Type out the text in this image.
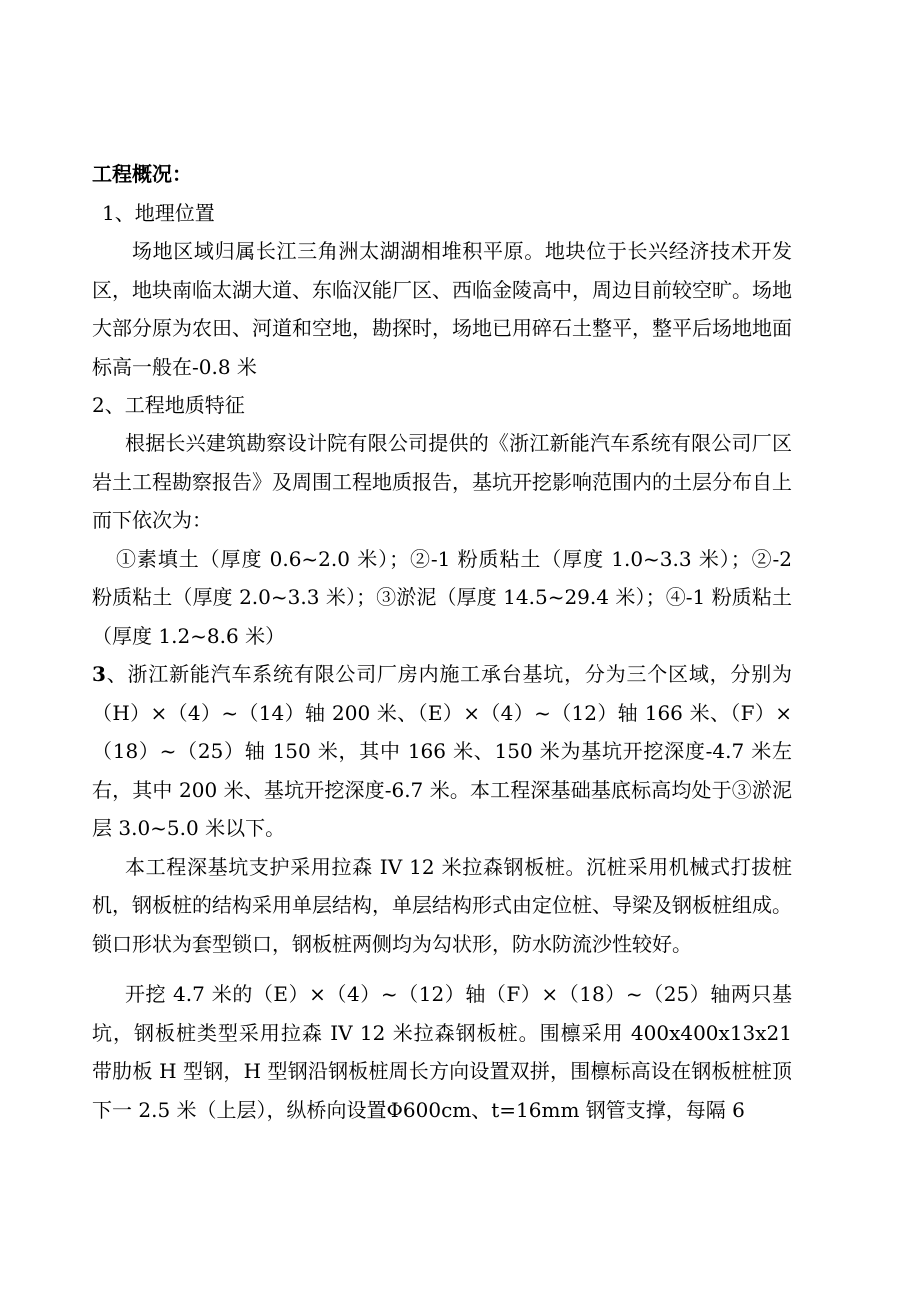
工程概况：
1、地理位置

场地区域归属长江三角洲太湖湖相堆积平原。地块位于长兴经济技术开发区，地块南临太湖大道、东临汉能厂区、西临金陵高中，周边目前较空旷。场地大部分原为农田、河道和空地，勘探时，场地已用碎石土整平，整平后场地地面标高一般在-0.8 米

2、工程地质特征

根据长兴建筑勘察设计院有限公司提供的《浙江新能汽车系统有限公司厂区岩土工程勘察报告》及周围工程地质报告，基坑开挖影响范围内的土层分布自上而下依次为：

①素填土（厚度 0.6~2.0 米）；②-1 粉质粘土（厚度 1.0~3.3 米）；②-2 粉质粘土（厚度 2.0~3.3 米）；③淤泥（厚度 14.5~29.4 米）；④-1 粉质粘土（厚度 1.2~8.6 米）

3、浙江新能汽车系统有限公司厂房内施工承台基坑，分为三个区域，分别为（H）×（4）~（14）轴 200 米、（E）×（4）~（12）轴 166 米、（F）×（18）~（25）轴 150 米，其中 166 米、150 米为基坑开挖深度-4.7 米左右，其中 200 米、基坑开挖深度-6.7 米。本工程深基础基底标高均处于③淤泥层 3.0~5.0 米以下。

本工程深基坑支护采用拉森 IV 12 米拉森钢板桩。沉桩采用机械式打拔桩机，钢板桩的结构采用单层结构，单层结构形式由定位桩、导梁及钢板桩组成。锁口形状为套型锁口，钢板桩两侧均为勾状形，防水防流沙性较好。

开挖 4.7 米的（E）×（4）~（12）轴（F）×（18）~（25）轴两只基坑，钢板桩类型采用拉森 IV 12 米拉森钢板桩。围檩采用 400x400x13x21 带肋板 H 型钢，H 型钢沿钢板桩周长方向设置双拼，围檩标高设在钢板桩桩顶下一 2.5 米（上层），纵桥向设置Φ600cm、t=16mm 钢管支撑，每隔 6
